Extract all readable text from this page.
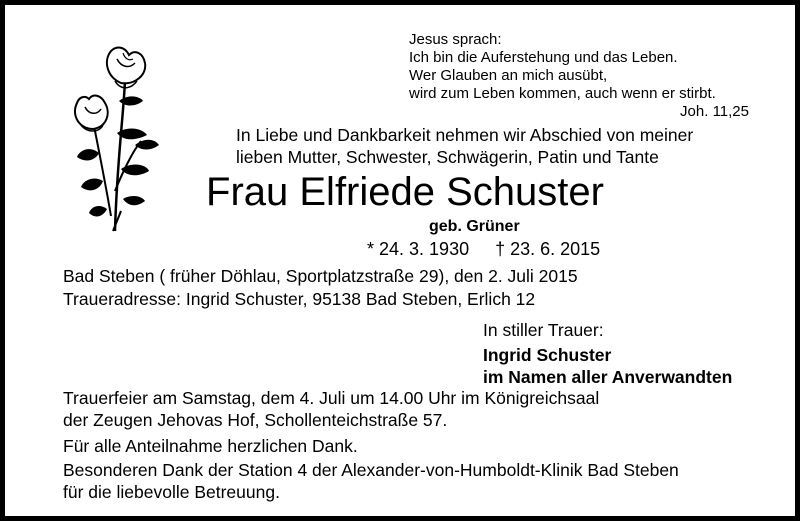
Jesus sprach:
Ich bin die Auferstehung und das Leben.
Wer Glauben an mich ausübt,
wird zum Leben kommen, auch wenn er stirbt.
Joh. 11,25
In Liebe und Dankbarkeit nehmen wir Abschied von meiner
lieben Mutter, Schwester, Schwägerin, Patin und Tante
Frau Elfriede Schuster
geb. Grüner
* 24. 3. 1930 † 23. 6. 2015
Bad Steben ( früher Döhlau, Sportplatzstraße 29), den 2. Juli 2015
Traueradresse: Ingrid Schuster, 95138 Bad Steben, Erlich 12
In stiller Trauer:
Ingrid Schuster
im Namen aller Anverwandten
Trauerfeier am Samstag, dem 4. Juli um 14.00 Uhr im Königreichsaal
der Zeugen Jehovas Hof, Schollenteichstraße 57.
Für alle Anteilnahme herzlichen Dank.
Besonderen Dank der Station 4 der Alexander-von-Humboldt-Klinik Bad Steben
für die liebevolle Betreuung.
